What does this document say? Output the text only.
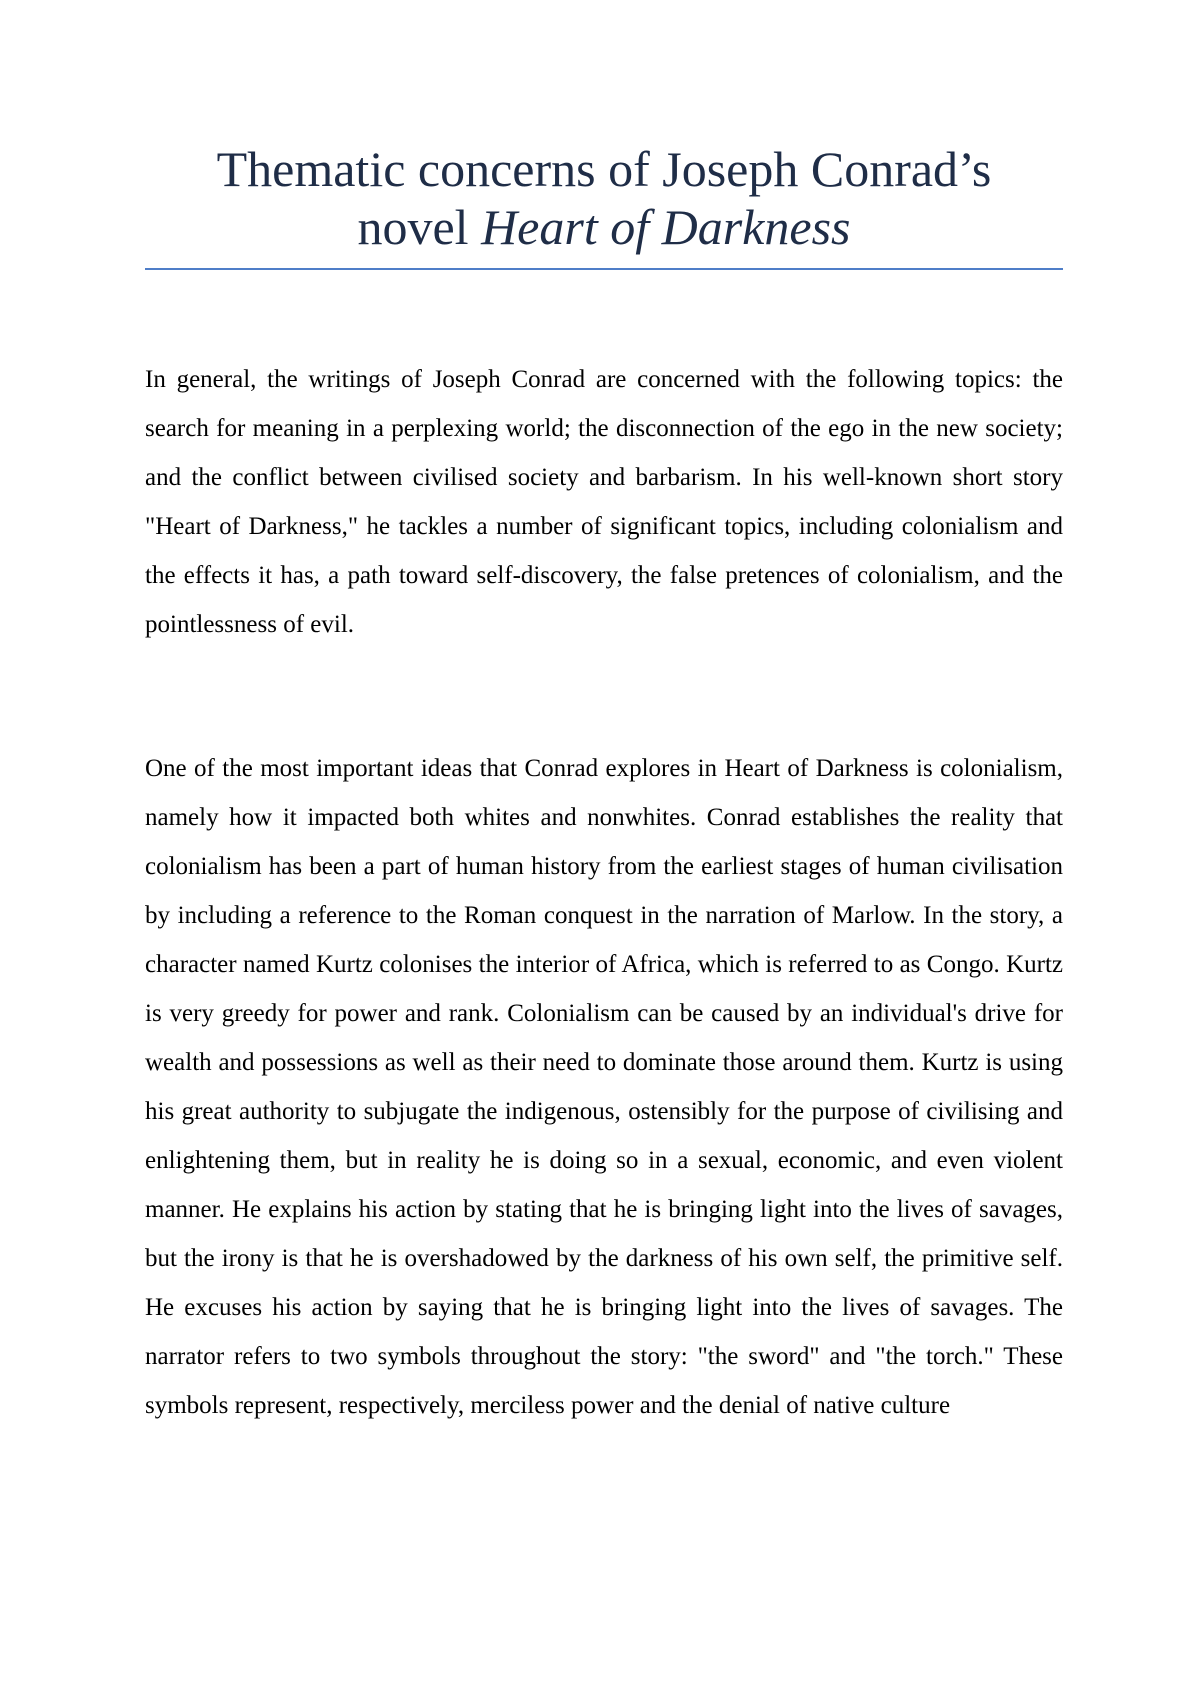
Thematic concerns of Joseph Conrad’s
novel Heart of Darkness

In general, the writings of Joseph Conrad are concerned with the following topics: the search for meaning in a perplexing world; the disconnection of the ego in the new society; and the conflict between civilised society and barbarism. In his well-known short story "Heart of Darkness," he tackles a number of significant topics, including colonialism and the effects it has, a path toward self-discovery, the false pretences of colonialism, and the pointlessness of evil.

One of the most important ideas that Conrad explores in Heart of Darkness is colonialism, namely how it impacted both whites and nonwhites. Conrad establishes the reality that colonialism has been a part of human history from the earliest stages of human civilisation by including a reference to the Roman conquest in the narration of Marlow. In the story, a character named Kurtz colonises the interior of Africa, which is referred to as Congo. Kurtz is very greedy for power and rank. Colonialism can be caused by an individual's drive for wealth and possessions as well as their need to dominate those around them. Kurtz is using his great authority to subjugate the indigenous, ostensibly for the purpose of civilising and enlightening them, but in reality he is doing so in a sexual, economic, and even violent manner. He explains his action by stating that he is bringing light into the lives of savages, but the irony is that he is overshadowed by the darkness of his own self, the primitive self. He excuses his action by saying that he is bringing light into the lives of savages. The narrator refers to two symbols throughout the story: "the sword" and "the torch." These symbols represent, respectively, merciless power and the denial of native culture
